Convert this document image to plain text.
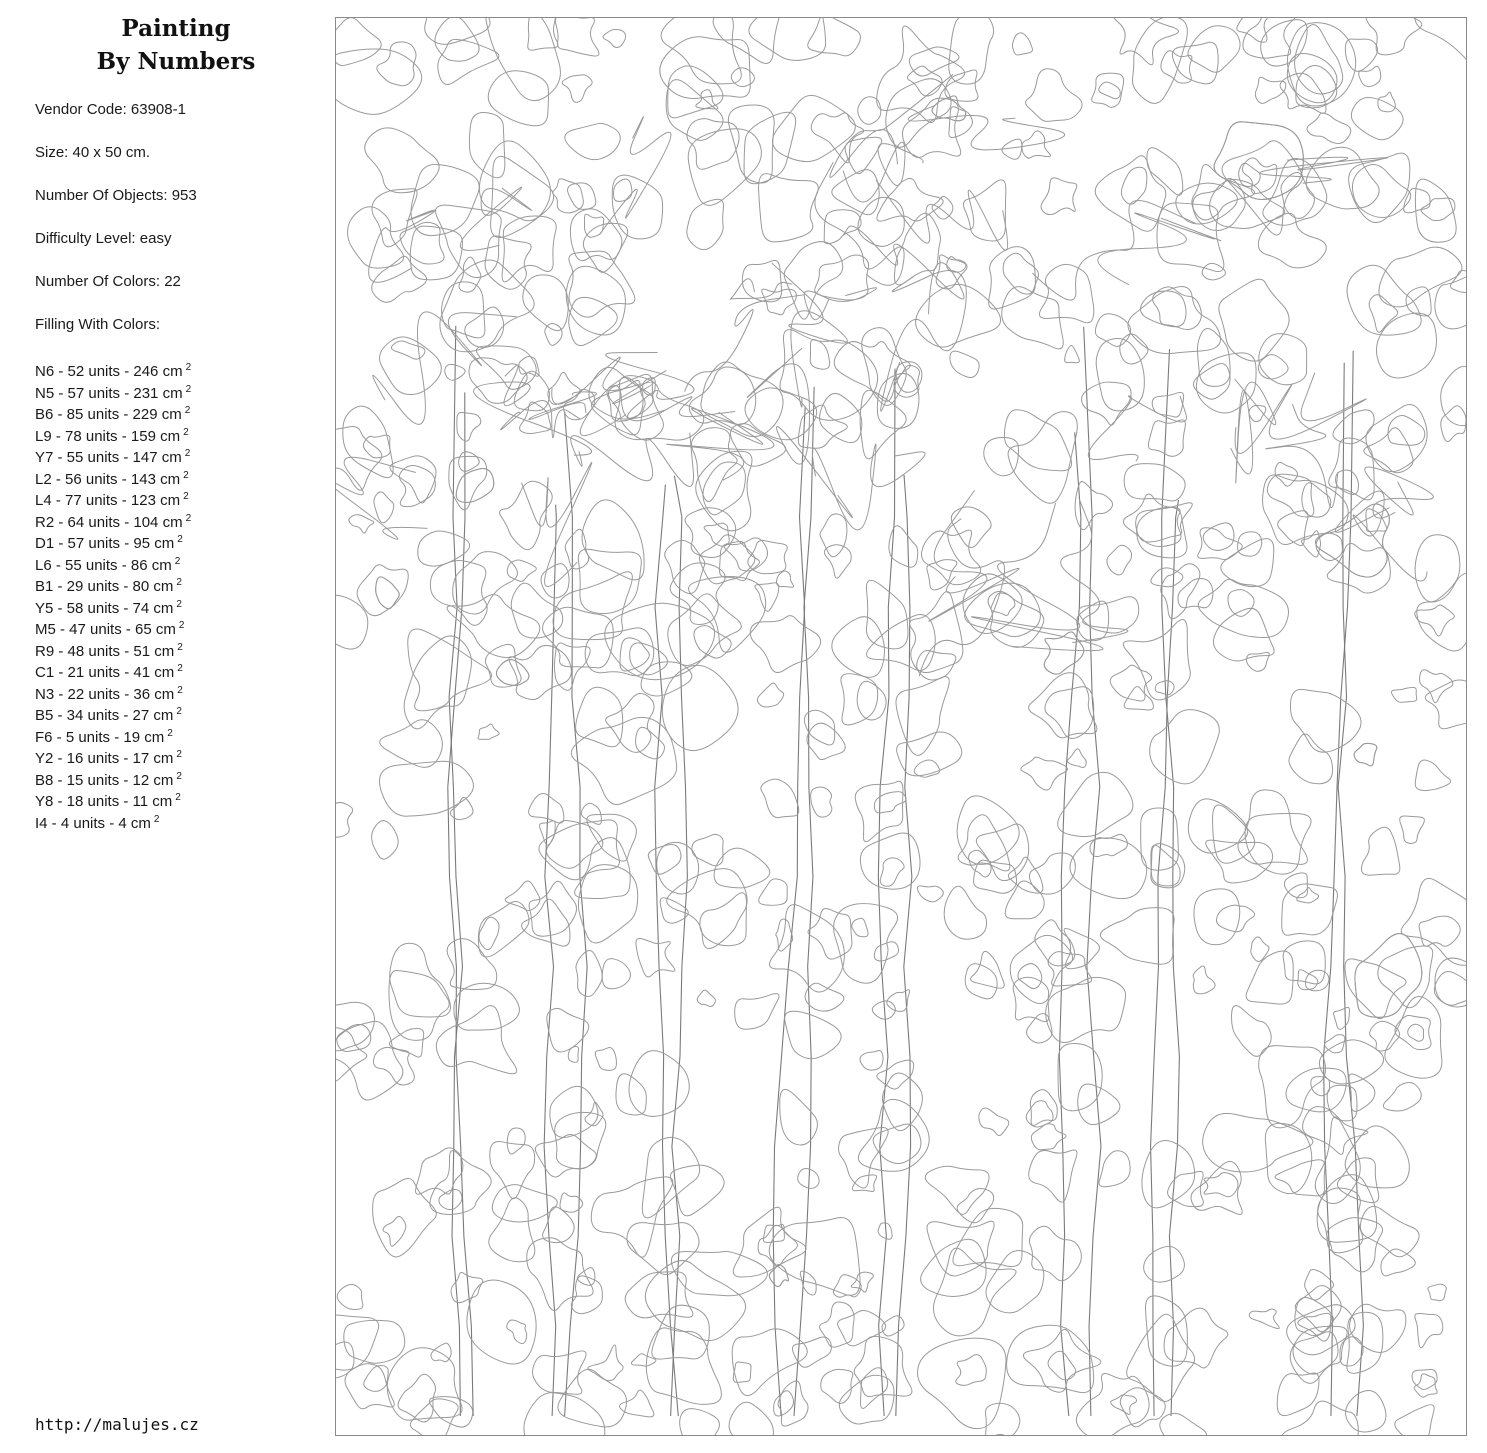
Painting
By Numbers
Vendor Code: 63908-1
Size: 40 x 50 cm.
Number Of Objects: 953
Difficulty Level: easy
Number Of Colors: 22
Filling With Colors:
N6 - 52 units - 246 cm $^2$
N5 - 57 units - 231 cm $^2$
B6 - 85 units - 229 cm $^2$
L9 - 78 units - 159 cm $^2$
Y7 - 55 units - 147 cm $^2$
L2 - 56 units - 143 cm $^2$
L4 - 77 units - 123 cm $^2$
R2 - 64 units - 104 cm $^2$
D1 - 57 units - 95 cm $^2$
L6 - 55 units - 86 cm $^2$
B1 - 29 units - 80 cm $^2$
Y5 - 58 units - 74 cm $^2$
M5 - 47 units - 65 cm $^2$
R9 - 48 units - 51 cm $^2$
C1 - 21 units - 41 cm $^2$
N3 - 22 units - 36 cm $^2$
B5 - 34 units - 27 cm $^2$
F6 - 5 units - 19 cm $^2$
Y2 - 16 units - 17 cm $^2$
B8 - 15 units - 12 cm $^2$
Y8 - 18 units - 11 cm $^2$
I4 - 4 units - 4 cm $^2$
http://malujes.cz
